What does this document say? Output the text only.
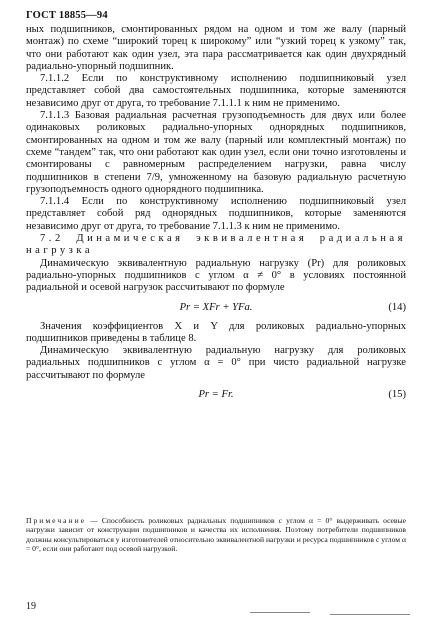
ГОСТ 18855—94

ных подшипников, смонтированных рядом на одном и том же валу (парный монтаж) по схеме “широкий торец к широкому” или “узкий торец к узкому” так, что они работают как один узел, эта пара рассматривается как один двухрядный радиально-упорный подшипник.

7.1.1.2 Если по конструктивному исполнению подшипниковый узел представляет собой два самостоятельных подшипника, которые заменяются независимо друг от друга, то требование 7.1.1.1 к ним не применимо.

7.1.1.3 Базовая радиальная расчетная грузоподъемность для двух или более одинаковых роликовых радиально-упорных однорядных подшипников, смонтированных на одном и том же валу (парный или комплектный монтаж) по схеме “тандем” так, что они работают как один узел, если они точно изготовлены и смонтированы с равномерным распределением нагрузки, равна числу подшипников в степени 7/9, умноженному на базовую радиальную расчетную грузоподъемность одного однорядного подшипника.

7.1.1.4 Если по конструктивному исполнению подшипниковый узел представляет собой ряд однорядных подшипников, которые заменяются независимо друг от друга, то требование 7.1.1.3 к ним не применимо.

7.2 Динамическая эквивалентная радиальная нагрузка

Динамическую эквивалентную радиальную нагрузку (Pr) для роликовых радиально-упорных подшипников с углом α ≠ 0° в условиях постоянной радиальной и осевой нагрузок рассчитывают по формуле

Pr = XFr + YFa.	(14)

Значения коэффициентов X и Y для роликовых радиально-упорных подшипников приведены в таблице 8.

Динамическую эквивалентную радиальную нагрузку для роликовых радиальных подшипников с углом α = 0° при чисто радиальной нагрузке рассчитывают по формуле

Pr = Fr.	(15)
Примечание — Способность роликовых радиальных подшипников с углом α = 0° выдерживать осевые нагрузки зависит от конструкции подшипников и качества их исполнения. Поэтому потребители подшипников должны консультироваться у изготовителей относительно эквивалентной нагрузки и ресурса подшипников с углом α = 0°, если они работают под осевой нагрузкой.
19
